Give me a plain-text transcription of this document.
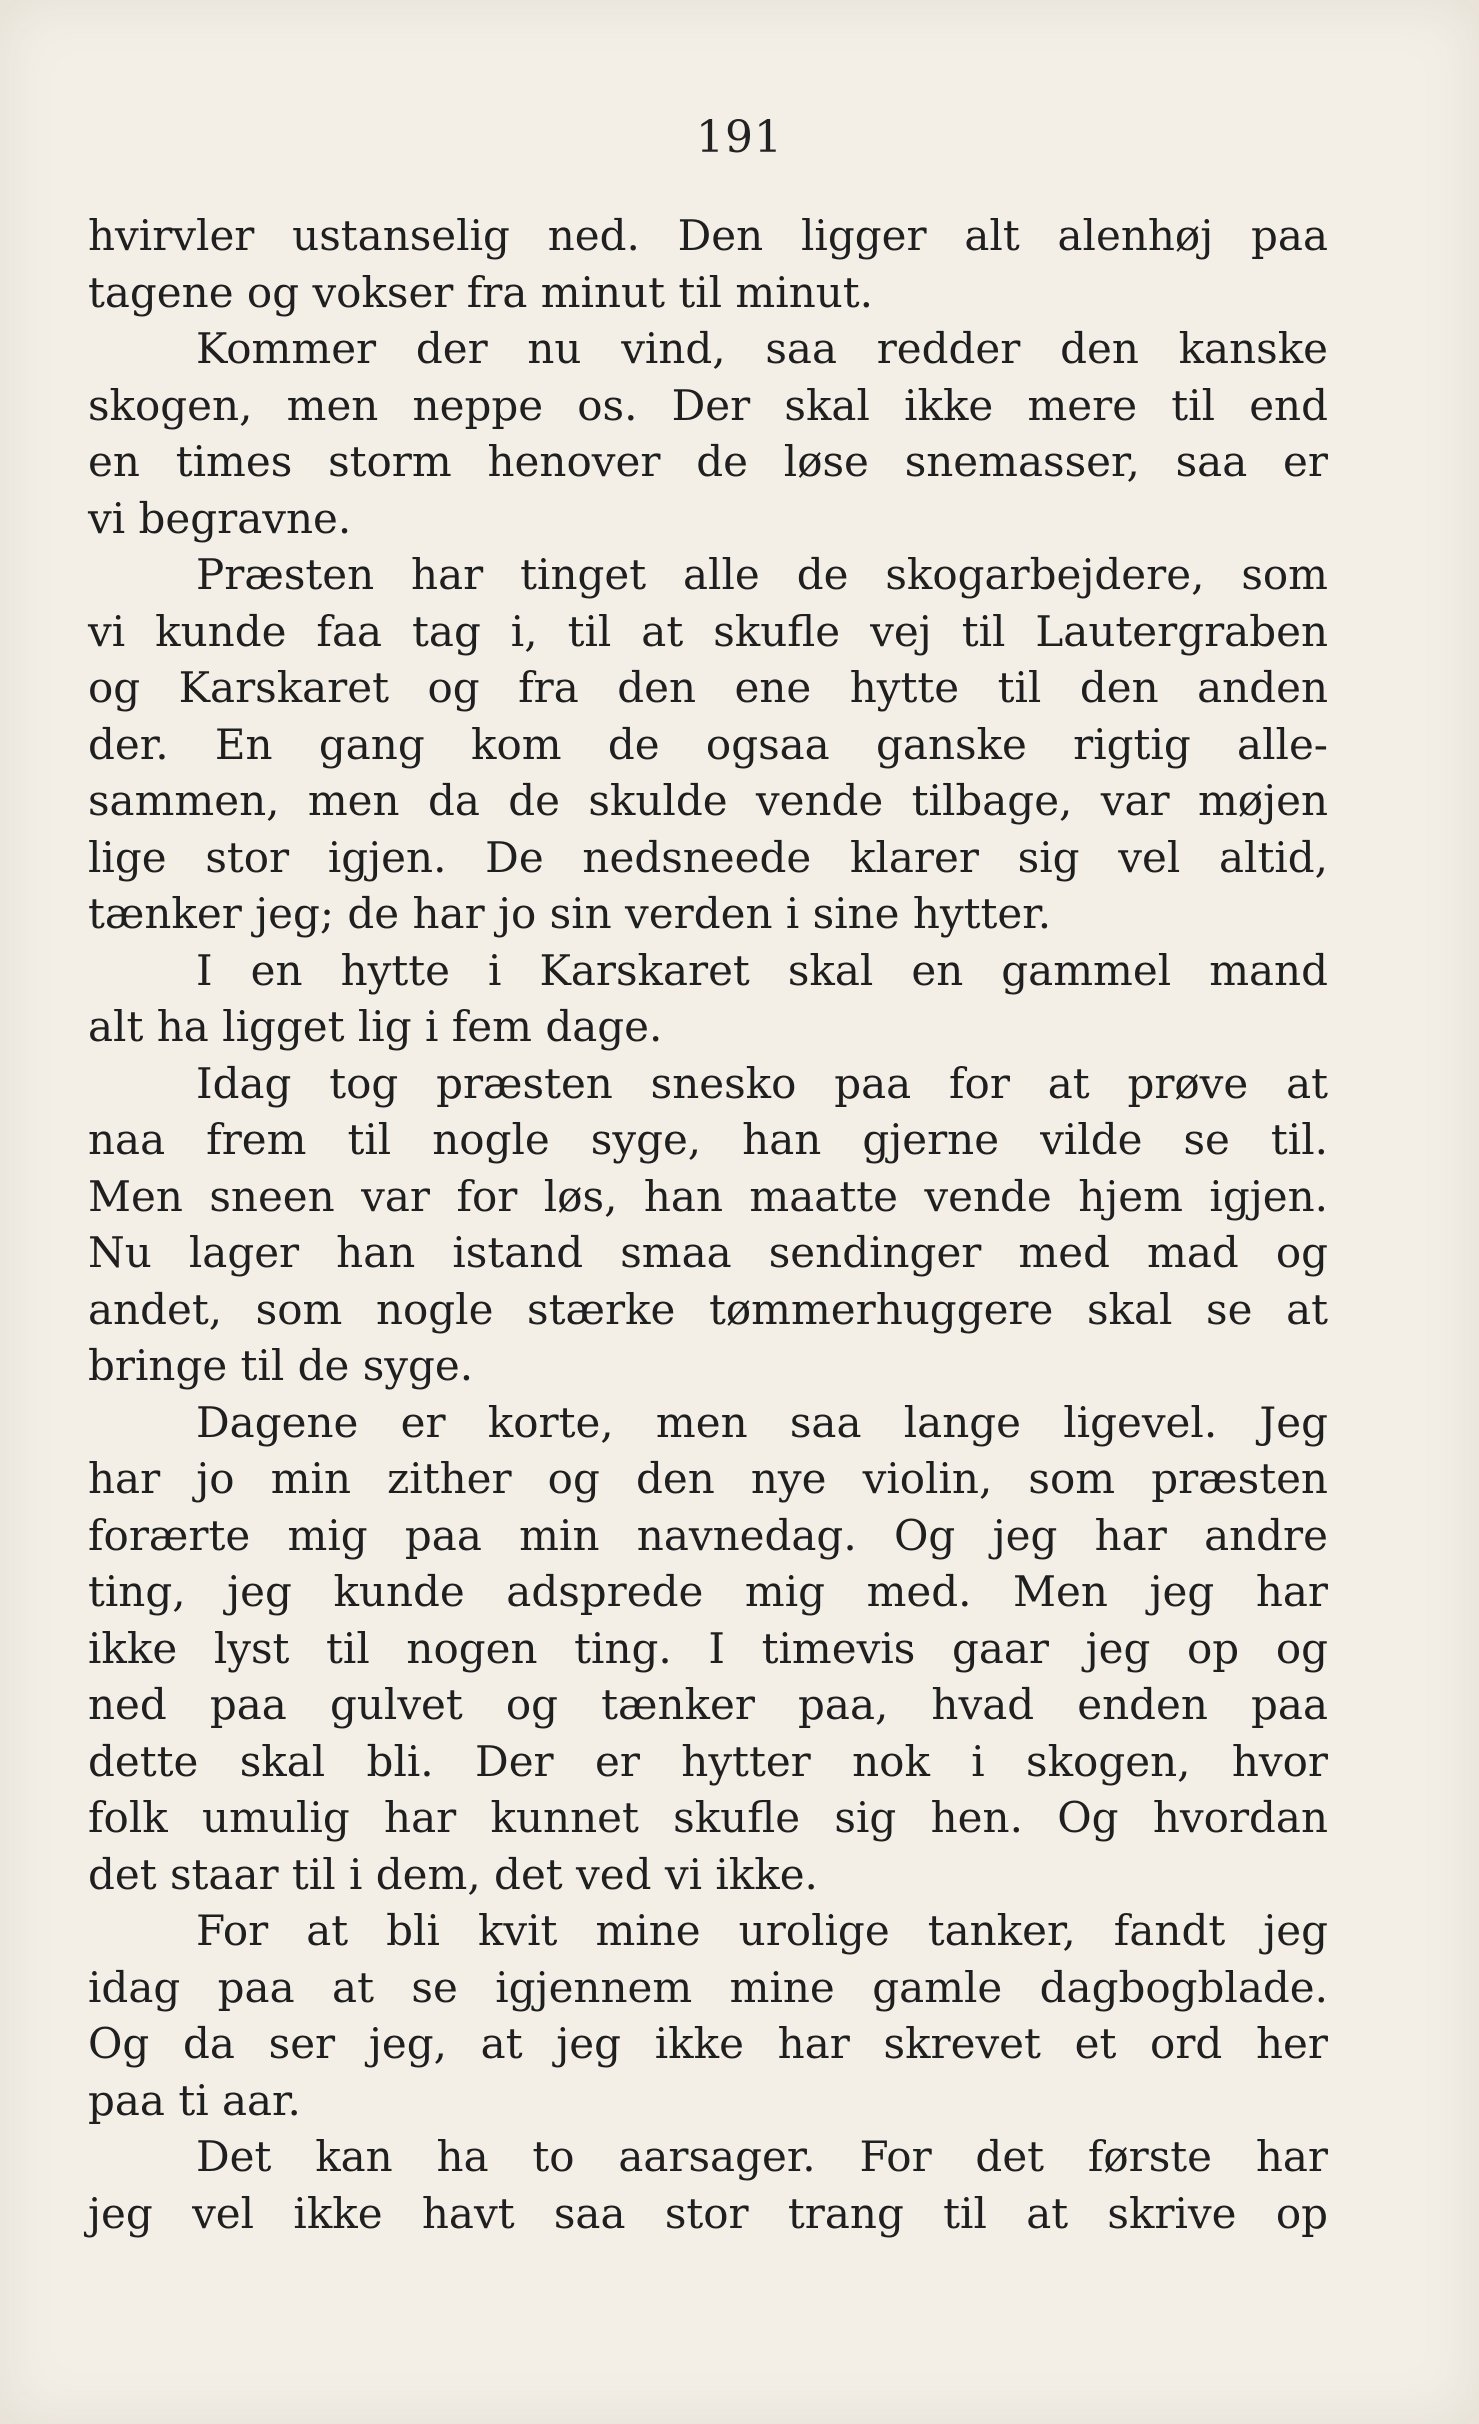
191
hvirvler ustanselig ned. Den ligger alt alenhøj paa
tagene og vokser fra minut til minut.
Kommer der nu vind, saa redder den kanske
skogen, men neppe os. Der skal ikke mere til end
en times storm henover de løse snemasser, saa er
vi begravne.
Præsten har tinget alle de skogarbejdere, som
vi kunde faa tag i, til at skufle vej til Lautergraben
og Karskaret og fra den ene hytte til den anden
der. En gang kom de ogsaa ganske rigtig alle-
sammen, men da de skulde vende tilbage, var møjen
lige stor igjen. De nedsneede klarer sig vel altid,
tænker jeg; de har jo sin verden i sine hytter.
I en hytte i Karskaret skal en gammel mand
alt ha ligget lig i fem dage.
Idag tog præsten snesko paa for at prøve at
naa frem til nogle syge, han gjerne vilde se til.
Men sneen var for løs, han maatte vende hjem igjen.
Nu lager han istand smaa sendinger med mad og
andet, som nogle stærke tømmerhuggere skal se at
bringe til de syge.
Dagene er korte, men saa lange ligevel. Jeg
har jo min zither og den nye violin, som præsten
forærte mig paa min navnedag. Og jeg har andre
ting, jeg kunde adsprede mig med. Men jeg har
ikke lyst til nogen ting. I timevis gaar jeg op og
ned paa gulvet og tænker paa, hvad enden paa
dette skal bli. Der er hytter nok i skogen, hvor
folk umulig har kunnet skufle sig hen. Og hvordan
det staar til i dem, det ved vi ikke.
For at bli kvit mine urolige tanker, fandt jeg
idag paa at se igjennem mine gamle dagbogblade.
Og da ser jeg, at jeg ikke har skrevet et ord her
paa ti aar.
Det kan ha to aarsager. For det første har
jeg vel ikke havt saa stor trang til at skrive op
